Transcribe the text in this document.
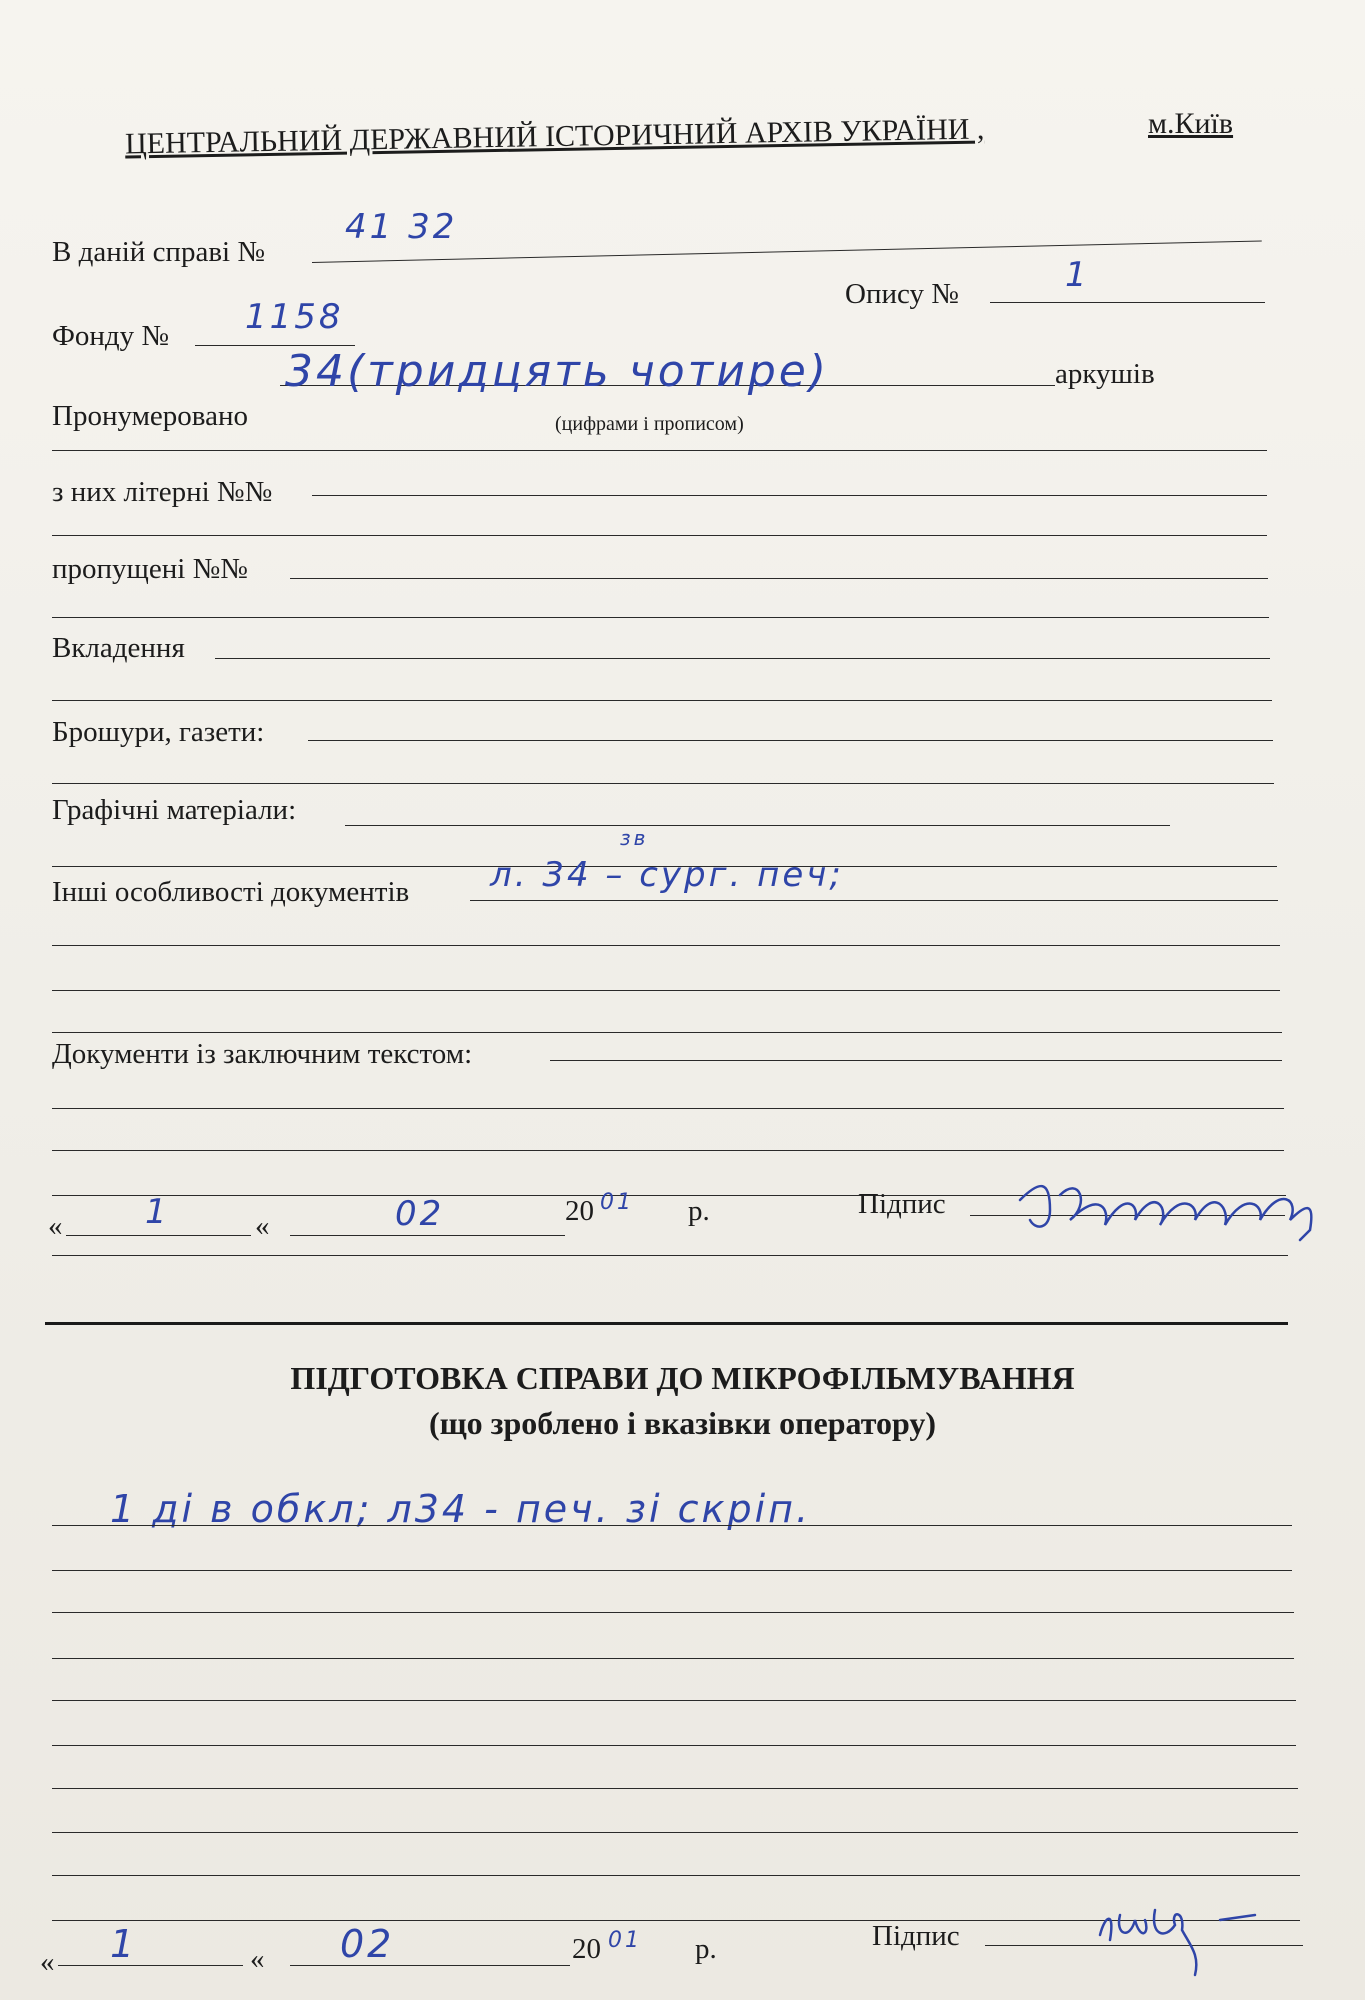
ЦЕНТРАЛЬНИЙ ДЕРЖАВНИЙ ІСТОРИЧНИЙ АРХІВ УКРАЇНИ ,	м.Київ
В даній справі №
41 32
Опису №	1
Фонду № 1158
Пронумеровано
34(тридцять чотире)	аркушів
(цифрами і прописом)
з них літерні №№
пропущені №№
Вкладення
Брошури, газети:
Графічні матеріали:
Інші особливості документів л. 34 – сург. печ;
зв
Документи із заключним текстом:
« 1	«	02	20 01 р.	Підпис
ПІДГОТОВКА СПРАВИ ДО МІКРОФІЛЬМУВАННЯ
(що зроблено і вказівки оператору)
1 ді в обкл; л34 - печ. зі скріп.
« 1	« 02	20 01 р.	Підпис
